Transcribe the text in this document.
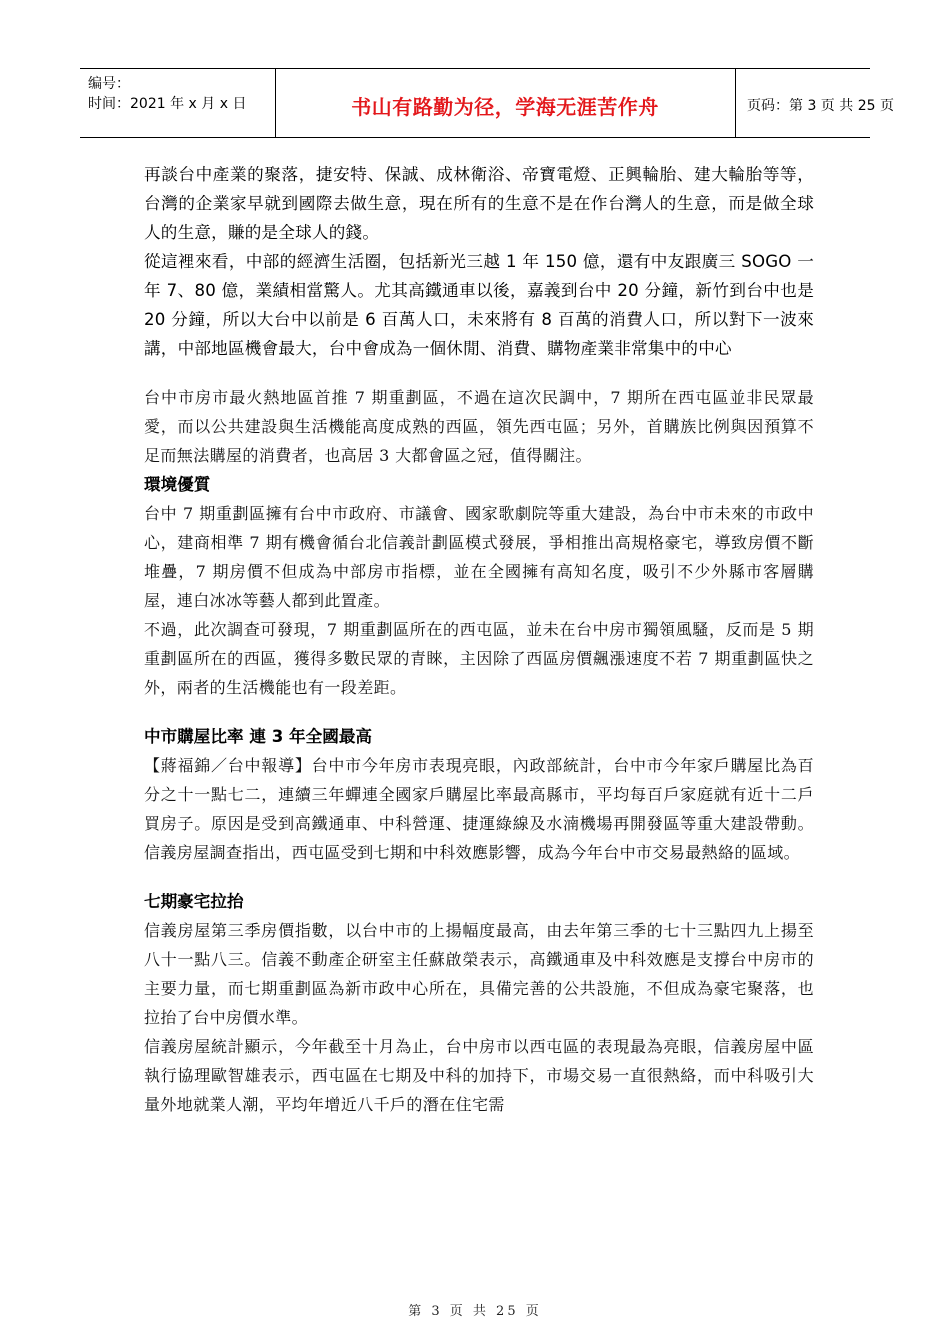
编号：
时间：2021 年 x 月 x 日	书山有路勤为径，学海无涯苦作舟	页码：第 3 页 共 25 页

再談台中產業的聚落，捷安特、保誠、成林衛浴、帝寶電燈、正興輪胎、建大輪胎等等，台灣的企業家早就到國際去做生意，現在所有的生意不是在作台灣人的生意，而是做全球人的生意，賺的是全球人的錢。

從這裡來看，中部的經濟生活圈，包括新光三越 1 年 150 億，還有中友跟廣三 SOGO 一年 7、80 億，業績相當驚人。尤其高鐵通車以後，嘉義到台中 20 分鐘，新竹到台中也是 20 分鐘，所以大台中以前是 6 百萬人口，未來將有 8 百萬的消費人口，所以對下一波來講，中部地區機會最大，台中會成為一個休閒、消費、購物產業非常集中的中心

台中市房市最火熱地區首推 7 期重劃區，不過在這次民調中，7 期所在西屯區並非民眾最愛，而以公共建設與生活機能高度成熟的西區，領先西屯區；另外，首購族比例與因預算不足而無法購屋的消費者，也高居 3 大都會區之冠，值得關注。

環境優質

台中 7 期重劃區擁有台中市政府、市議會、國家歌劇院等重大建設，為台中市未來的市政中心，建商相準 7 期有機會循台北信義計劃區模式發展，爭相推出高規格豪宅，導致房價不斷堆疊，7 期房價不但成為中部房市指標，並在全國擁有高知名度，吸引不少外縣市客層購屋，連白冰冰等藝人都到此置產。

不過，此次調查可發現，7 期重劃區所在的西屯區，並未在台中房市獨領風騷，反而是 5 期重劃區所在的西區，獲得多數民眾的青睞，主因除了西區房價飆漲速度不若 7 期重劃區快之外，兩者的生活機能也有一段差距。

中市購屋比率 連 3 年全國最高

【蔣福錦／台中報導】台中市今年房市表現亮眼，內政部統計，台中市今年家戶購屋比為百分之十一點七二，連續三年蟬連全國家戶購屋比率最高縣市，平均每百戶家庭就有近十二戶買房子。原因是受到高鐵通車、中科營運、捷運綠線及水湳機場再開發區等重大建設帶動。信義房屋調查指出，西屯區受到七期和中科效應影響，成為今年台中市交易最熱絡的區域。

七期豪宅拉抬

信義房屋第三季房價指數，以台中市的上揚幅度最高，由去年第三季的七十三點四九上揚至八十一點八三。信義不動產企研室主任蘇啟榮表示，高鐵通車及中科效應是支撐台中房市的主要力量，而七期重劃區為新市政中心所在，具備完善的公共設施，不但成為豪宅聚落，也拉抬了台中房價水準。

信義房屋統計顯示，今年截至十月為止，台中房市以西屯區的表現最為亮眼，信義房屋中區執行協理歐智雄表示，西屯區在七期及中科的加持下，市場交易一直很熱絡，而中科吸引大量外地就業人潮，平均年增近八千戶的潛在住宅需

第 3 页 共 25 页
